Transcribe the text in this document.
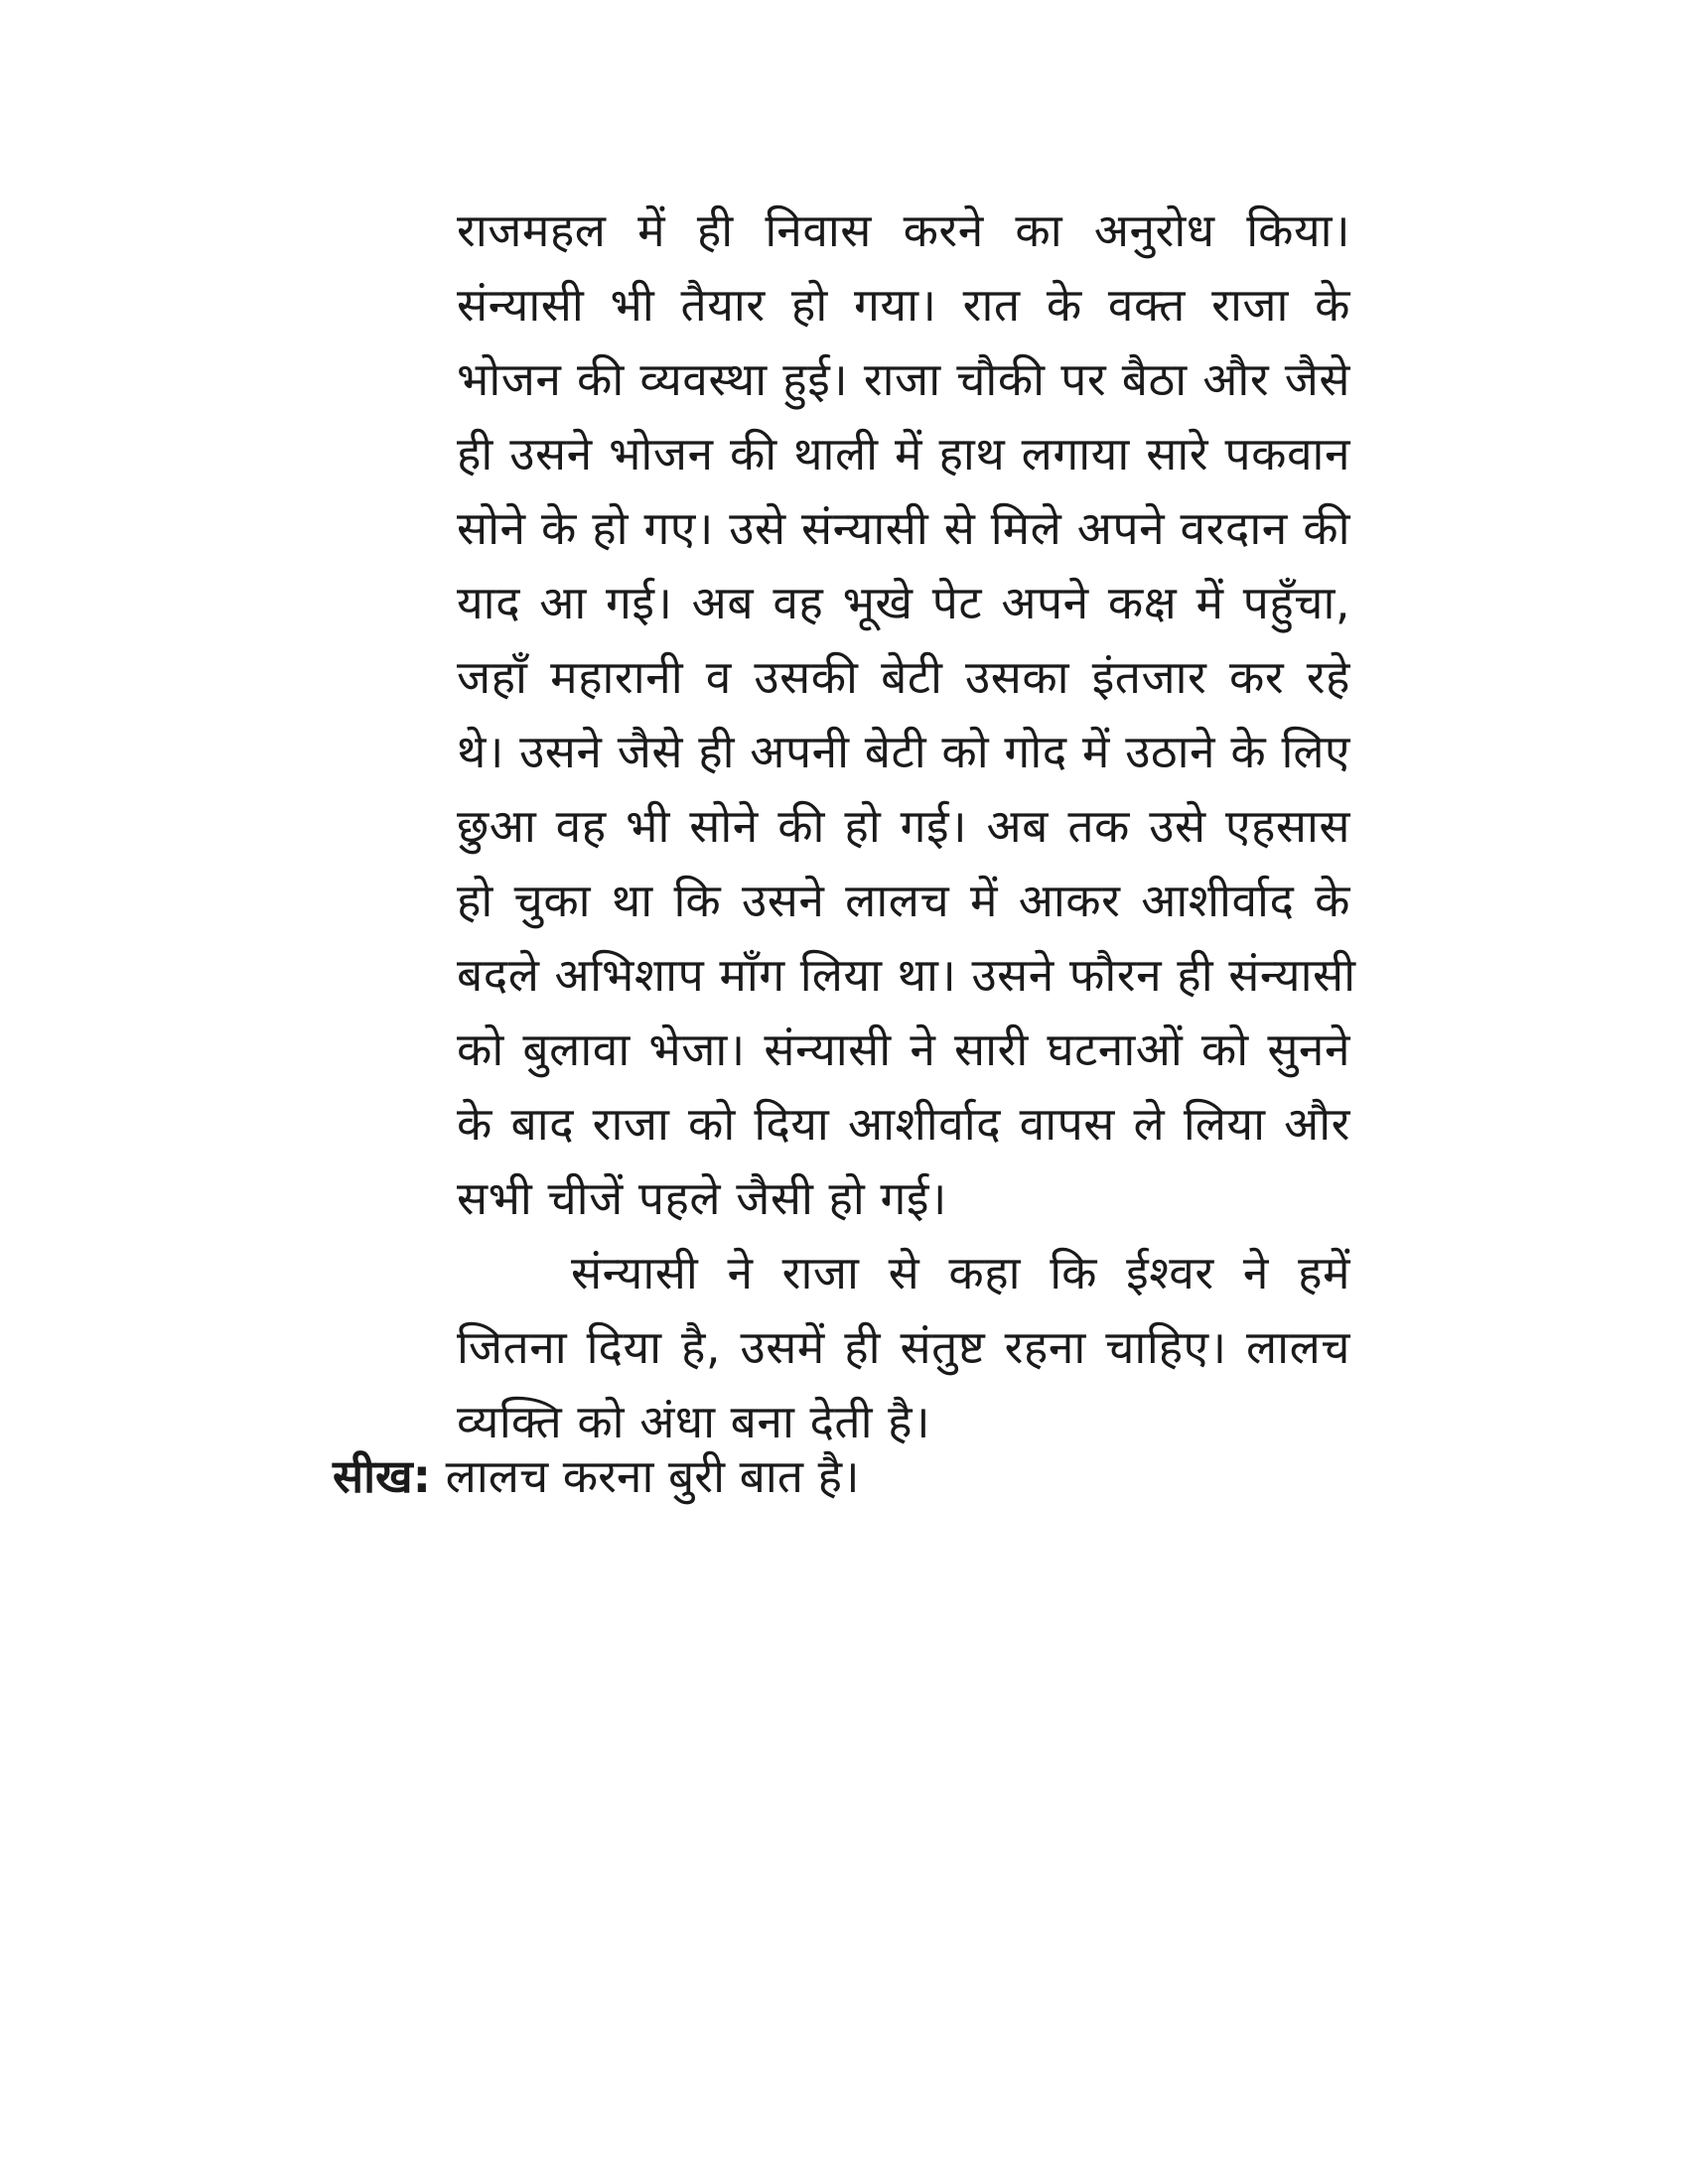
राजमहल में ही निवास करने का अनुरोध किया।
संन्यासी भी तैयार हो गया। रात के वक्त राजा के
भोजन की व्यवस्था हुई। राजा चौकी पर बैठा और जैसे
ही उसने भोजन की थाली में हाथ लगाया सारे पकवान
सोने के हो गए। उसे संन्यासी से मिले अपने वरदान की
याद आ गई। अब वह भूखे पेट अपने कक्ष में पहुँचा,
जहाँ महारानी व उसकी बेटी उसका इंतजार कर रहे
थे। उसने जैसे ही अपनी बेटी को गोद में उठाने के लिए
छुआ वह भी सोने की हो गई। अब तक उसे एहसास
हो चुका था कि उसने लालच में आकर आशीर्वाद के
बदले अभिशाप माँग लिया था। उसने फौरन ही संन्यासी
को बुलावा भेजा। संन्यासी ने सारी घटनाओं को सुनने
के बाद राजा को दिया आशीर्वाद वापस ले लिया और
सभी चीजें पहले जैसी हो गई।
संन्यासी ने राजा से कहा कि ईश्वर ने हमें
जितना दिया है, उसमें ही संतुष्ट रहना चाहिए। लालच
व्यक्ति को अंधा बना देती है।
सीख: लालच करना बुरी बात है।
